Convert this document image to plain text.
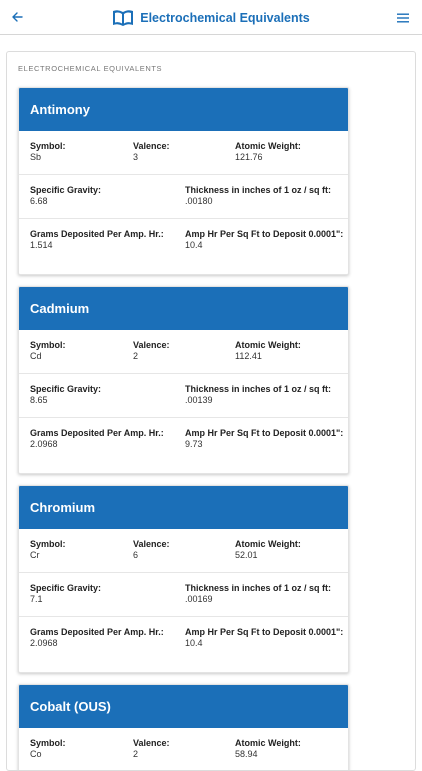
Electrochemical Equivalents
ELECTROCHEMICAL EQUIVALENTS
Antimony
Symbol:
Sb
Valence:
3
Atomic Weight:
121.76
Specific Gravity:
6.68
Thickness in inches of 1 oz / sq ft:
.00180
Grams Deposited Per Amp. Hr.:
1.514
Amp Hr Per Sq Ft to Deposit 0.0001":
10.4
Cadmium
Symbol:
Cd
Valence:
2
Atomic Weight:
112.41
Specific Gravity:
8.65
Thickness in inches of 1 oz / sq ft:
.00139
Grams Deposited Per Amp. Hr.:
2.0968
Amp Hr Per Sq Ft to Deposit 0.0001":
9.73
Chromium
Symbol:
Cr
Valence:
6
Atomic Weight:
52.01
Specific Gravity:
7.1
Thickness in inches of 1 oz / sq ft:
.00169
Grams Deposited Per Amp. Hr.:
2.0968
Amp Hr Per Sq Ft to Deposit 0.0001":
10.4
Cobalt (OUS)
Symbol:
Co
Valence:
2
Atomic Weight:
58.94
